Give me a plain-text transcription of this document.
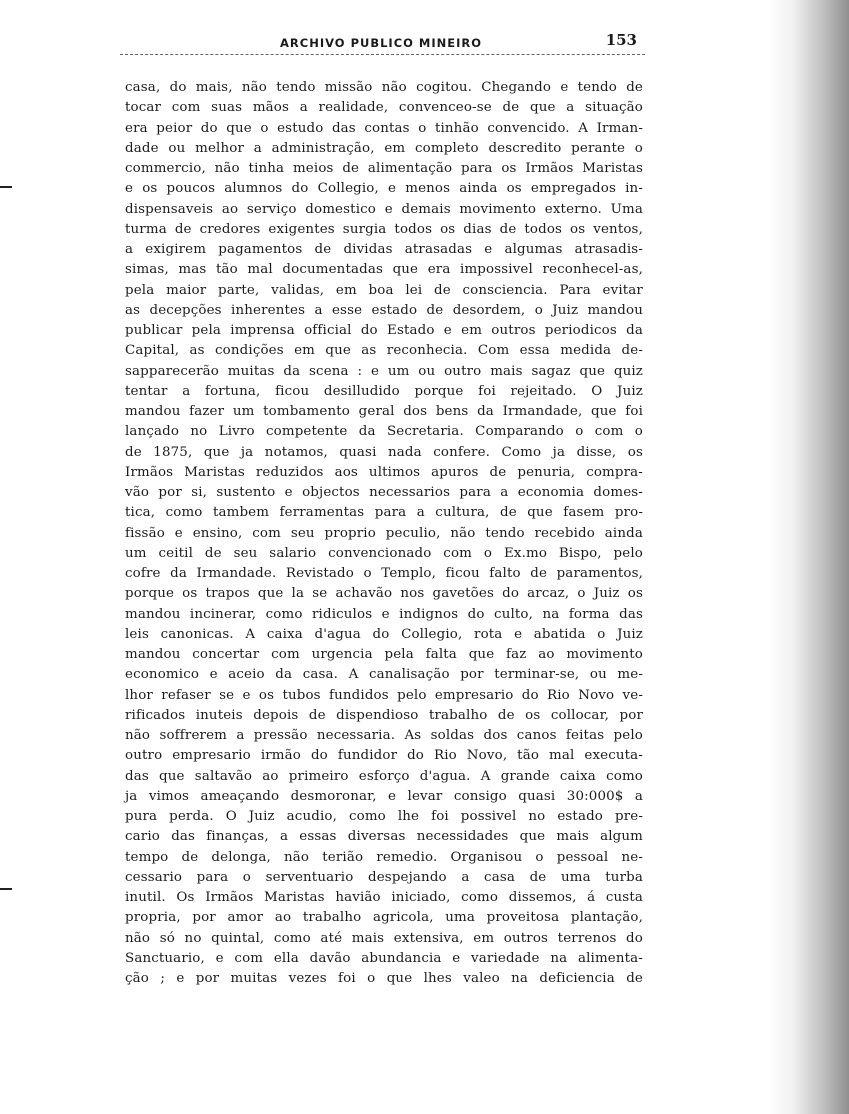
ARCHIVO PUBLICO MINEIRO	153
casa, do mais, não tendo missão não cogitou. Chegando e tendo de
tocar com suas mãos a realidade, convenceo-se de que a situação
era peior do que o estudo das contas o tinhão convencido. A Irman-
dade ou melhor a administração, em completo descredito perante o
commercio, não tinha meios de alimentação para os Irmãos Maristas
e os poucos alumnos do Collegio, e menos ainda os empregados in-
dispensaveis ao serviço domestico e demais movimento externo. Uma
turma de credores exigentes surgia todos os dias de todos os ventos,
a exigirem pagamentos de dividas atrasadas e algumas atrasadis-
simas, mas tão mal documentadas que era impossivel reconhecel-as,
pela maior parte, validas, em boa lei de consciencia. Para evitar
as decepções inherentes a esse estado de desordem, o Juiz mandou
publicar pela imprensa official do Estado e em outros periodicos da
Capital, as condições em que as reconhecia. Com essa medida de-
sapparecerão muitas da scena : e um ou outro mais sagaz que quiz
tentar a fortuna, ficou desilludido porque foi rejeitado. O Juiz
mandou fazer um tombamento geral dos bens da Irmandade, que foi
lançado no Livro competente da Secretaria. Comparando o com o
de 1875, que ja notamos, quasi nada confere. Como ja disse, os
Irmãos Maristas reduzidos aos ultimos apuros de penuria, compra-
vão por si, sustento e objectos necessarios para a economia domes-
tica, como tambem ferramentas para a cultura, de que fasem pro-
fissão e ensino, com seu proprio peculio, não tendo recebido ainda
um ceitil de seu salario convencionado com o Ex.mo Bispo, pelo
cofre da Irmandade. Revistado o Templo, ficou falto de paramentos,
porque os trapos que la se achavão nos gavetões do arcaz, o Juiz os
mandou incinerar, como ridiculos e indignos do culto, na forma das
leis canonicas. A caixa d'agua do Collegio, rota e abatida o Juiz
mandou concertar com urgencia pela falta que faz ao movimento
economico e aceio da casa. A canalisação por terminar-se, ou me-
lhor refaser se e os tubos fundidos pelo empresario do Rio Novo ve-
rificados inuteis depois de dispendioso trabalho de os collocar, por
não soffrerem a pressão necessaria. As soldas dos canos feitas pelo
outro empresario irmão do fundidor do Rio Novo, tão mal executa-
das que saltavão ao primeiro esforço d'agua. A grande caixa como
ja vimos ameaçando desmoronar, e levar consigo quasi 30:000$ a
pura perda. O Juiz acudio, como lhe foi possivel no estado pre-
cario das finanças, a essas diversas necessidades que mais algum
tempo de delonga, não terião remedio. Organisou o pessoal ne-
cessario para o serventuario despejando a casa de uma turba
inutil. Os Irmãos Maristas havião iniciado, como dissemos, á custa
propria, por amor ao trabalho agricola, uma proveitosa plantação,
não só no quintal, como até mais extensiva, em outros terrenos do
Sanctuario, e com ella davão abundancia e variedade na alimenta-
ção ; e por muitas vezes foi o que lhes valeo na deficiencia de
